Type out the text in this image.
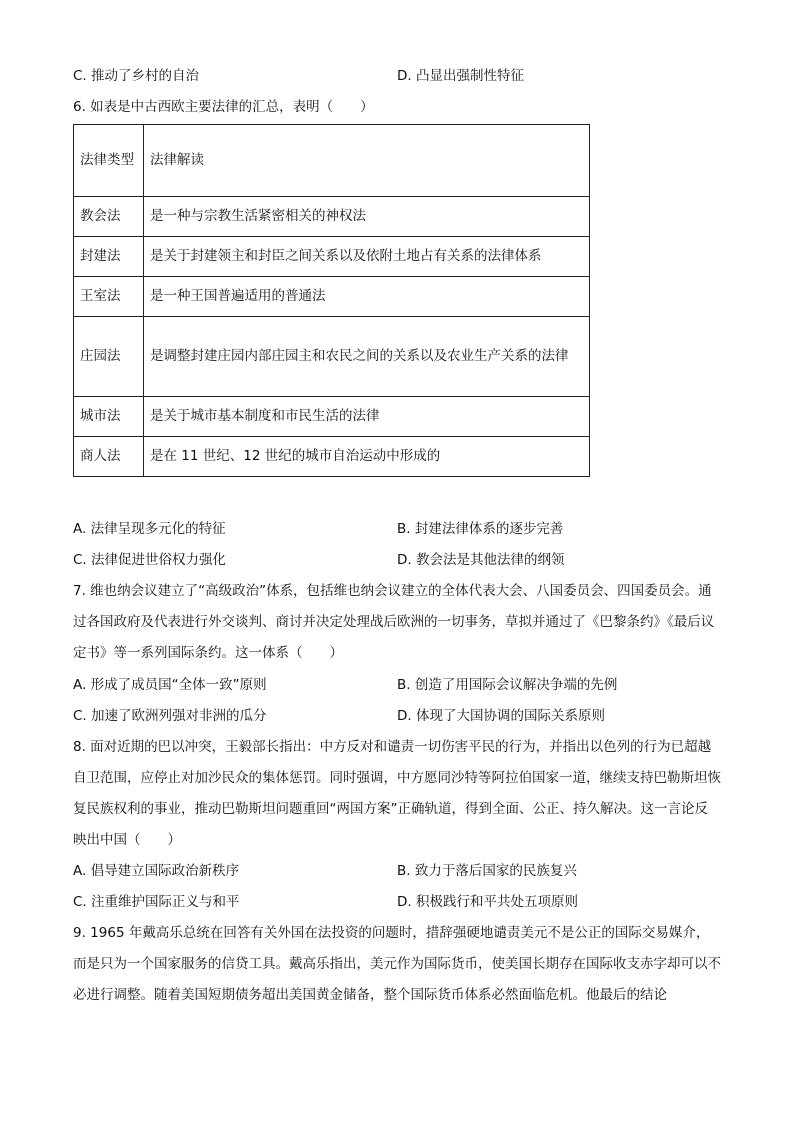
C. 推动了乡村的自治	D. 凸显出强制性特征
6. 如表是中古西欧主要法律的汇总，表明（　　）
法律类型	法律解读
教会法	是一种与宗教生活紧密相关的神权法
封建法	是关于封建领主和封臣之间关系以及依附土地占有关系的法律体系
王室法	是一种王国普遍适用的普通法
庄园法	是调整封建庄园内部庄园主和农民之间的关系以及农业生产关系的法律
城市法	是关于城市基本制度和市民生活的法律
商人法	是在 11 世纪、12 世纪的城市自治运动中形成的
A. 法律呈现多元化的特征	B. 封建法律体系的逐步完善
C. 法律促进世俗权力强化	D. 教会法是其他法律的纲领
7. 维也纳会议建立了“高级政治”体系，包括维也纳会议建立的全体代表大会、八国委员会、四国委员会。通过各国政府及代表进行外交谈判、商讨并决定处理战后欧洲的一切事务，草拟并通过了《巴黎条约》《最后议定书》等一系列国际条约。这一体系（　　）
A. 形成了成员国“全体一致”原则	B. 创造了用国际会议解决争端的先例
C. 加速了欧洲列强对非洲的瓜分	D. 体现了大国协调的国际关系原则
8. 面对近期的巴以冲突，王毅部长指出：中方反对和谴责一切伤害平民的行为，并指出以色列的行为已超越自卫范围，应停止对加沙民众的集体惩罚。同时强调，中方愿同沙特等阿拉伯国家一道，继续支持巴勒斯坦恢复民族权利的事业，推动巴勒斯坦问题重回“两国方案”正确轨道，得到全面、公正、持久解决。这一言论反映出中国（　　）
A. 倡导建立国际政治新秩序	B. 致力于落后国家的民族复兴
C. 注重维护国际正义与和平	D. 积极践行和平共处五项原则
9. 1965 年戴高乐总统在回答有关外国在法投资的问题时，措辞强硬地谴责美元不是公正的国际交易媒介，而是只为一个国家服务的信贷工具。戴高乐指出，美元作为国际货币，使美国长期存在国际收支赤字却可以不必进行调整。随着美国短期债务超出美国黄金储备，整个国际货币体系必然面临危机。他最后的结论
